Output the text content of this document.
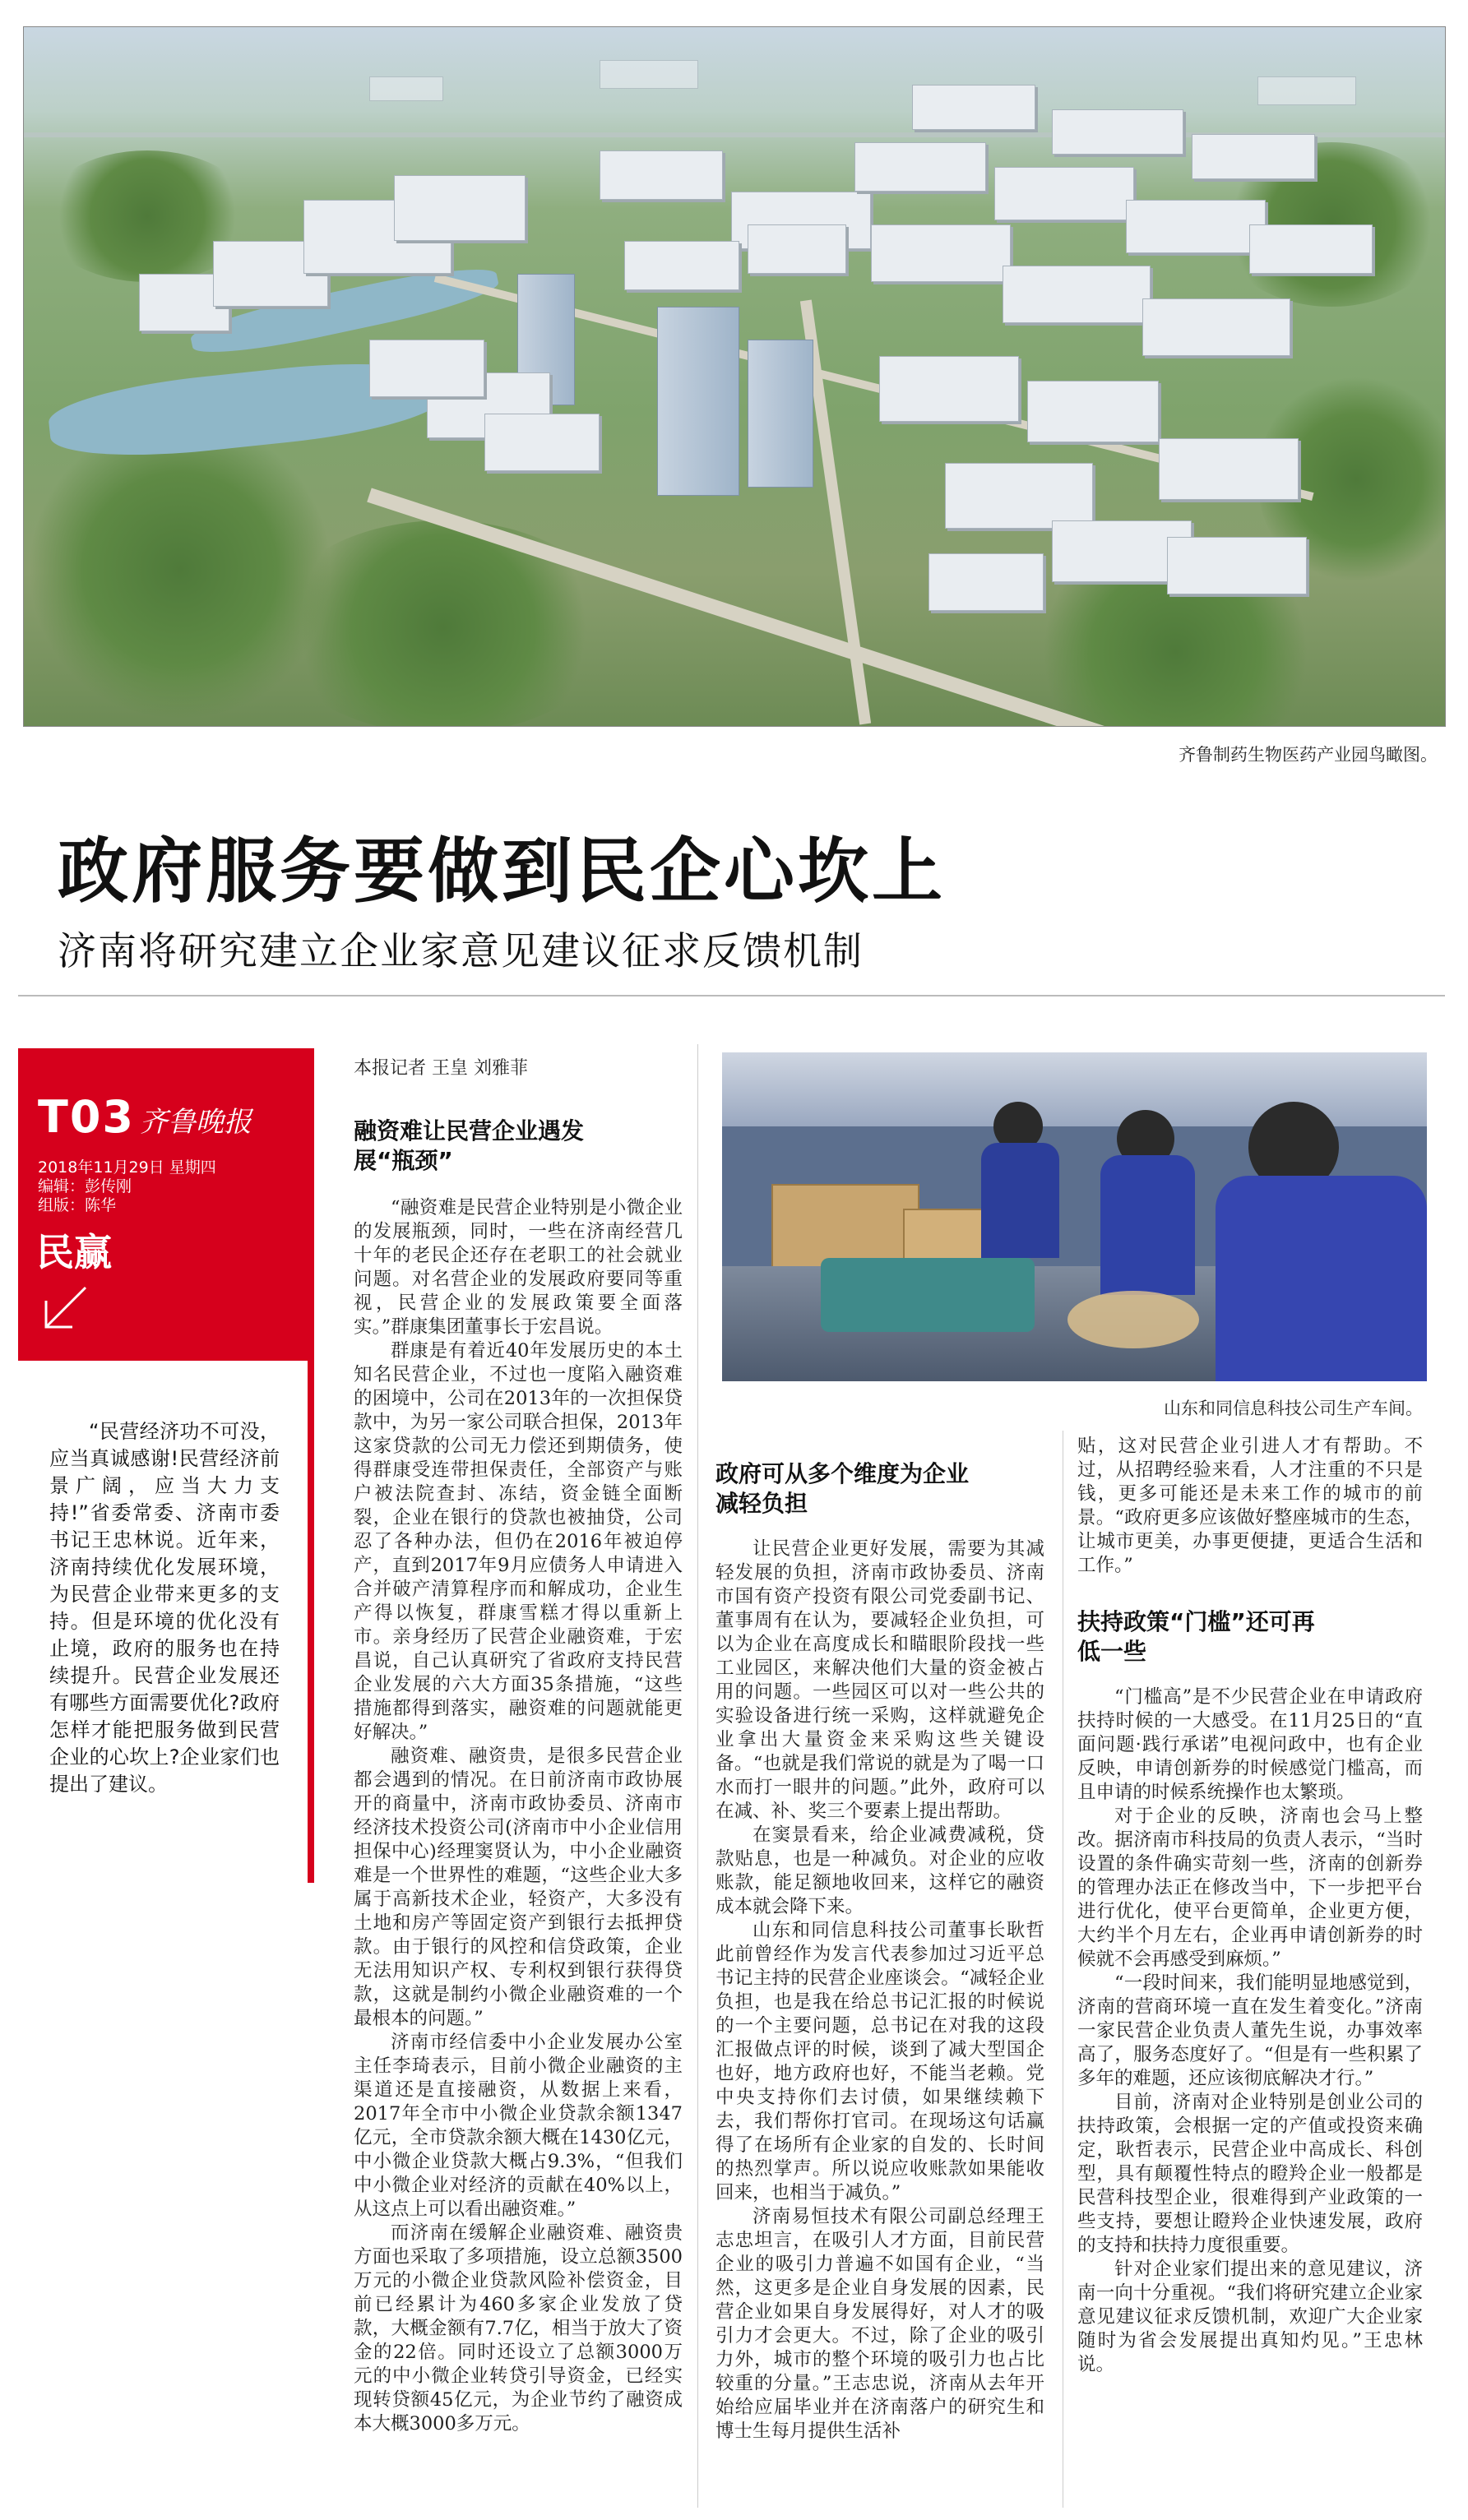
齐鲁制药生物医药产业园鸟瞰图。
政府服务要做到民企心坎上
济南将研究建立企业家意见建议征求反馈机制
T03 齐鲁晚报
2018年11月29日 星期四
编辑：彭传刚
组版：陈华
民赢
“民营经济功不可没，应当真诚感谢!民营经济前景广阔，应当大力支持!”省委常委、济南市委书记王忠林说。近年来，济南持续优化发展环境，为民营企业带来更多的支持。但是环境的优化没有止境，政府的服务也在持续提升。民营企业发展还有哪些方面需要优化?政府怎样才能把服务做到民营企业的心坎上?企业家们也提出了建议。
本报记者 王皇 刘雅菲
融资难让民营企业遇发展“瓶颈”

“融资难是民营企业特别是小微企业的发展瓶颈，同时，一些在济南经营几十年的老民企还存在老职工的社会就业问题。对名营企业的发展政府要同等重视，民营企业的发展政策要全面落实。”群康集团董事长于宏昌说。

群康是有着近40年发展历史的本土知名民营企业，不过也一度陷入融资难的困境中，公司在2013年的一次担保贷款中，为另一家公司联合担保，2013年这家贷款的公司无力偿还到期债务，使得群康受连带担保责任，全部资产与账户被法院查封、冻结，资金链全面断裂，企业在银行的贷款也被抽贷，公司忍了各种办法，但仍在2016年被迫停产，直到2017年9月应债务人申请进入合并破产清算程序而和解成功，企业生产得以恢复，群康雪糕才得以重新上市。亲身经历了民营企业融资难，于宏昌说，自己认真研究了省政府支持民营企业发展的六大方面35条措施，“这些措施都得到落实，融资难的问题就能更好解决。”

融资难、融资贵，是很多民营企业都会遇到的情况。在日前济南市政协展开的商量中，济南市政协委员、济南市经济技术投资公司(济南市中小企业信用担保中心)经理窦贤认为，中小企业融资难是一个世界性的难题，“这些企业大多属于高新技术企业，轻资产，大多没有土地和房产等固定资产到银行去抵押贷款。由于银行的风控和信贷政策，企业无法用知识产权、专利权到银行获得贷款，这就是制约小微企业融资难的一个最根本的问题。”

济南市经信委中小企业发展办公室主任李琦表示，目前小微企业融资的主渠道还是直接融资，从数据上来看，2017年全市中小微企业贷款余额1347亿元，全市贷款余额大概在1430亿元，中小微企业贷款大概占9.3%，“但我们中小微企业对经济的贡献在40%以上，从这点上可以看出融资难。”

而济南在缓解企业融资难、融资贵方面也采取了多项措施，设立总额3500万元的小微企业贷款风险补偿资金，目前已经累计为460多家企业发放了贷款，大概金额有7.7亿，相当于放大了资金的22倍。同时还设立了总额3000万元的中小微企业转贷引导资金，已经实现转贷额45亿元，为企业节约了融资成本大概3000多万元。

山东和同信息科技公司生产车间。
政府可从多个维度为企业减轻负担

让民营企业更好发展，需要为其减轻发展的负担，济南市政协委员、济南市国有资产投资有限公司党委副书记、董事周有在认为，要减轻企业负担，可以为企业在高度成长和瞄眼阶段找一些工业园区，来解决他们大量的资金被占用的问题。一些园区可以对一些公共的实验设备进行统一采购，这样就避免企业拿出大量资金来采购这些关键设备。“也就是我们常说的就是为了喝一口水而打一眼井的问题。”此外，政府可以在减、补、奖三个要素上提出帮助。

在窦景看来，给企业减费减税，贷款贴息，也是一种减负。对企业的应收账款，能足额地收回来，这样它的融资成本就会降下来。

山东和同信息科技公司董事长耿哲此前曾经作为发言代表参加过习近平总书记主持的民营企业座谈会。“减轻企业负担，也是我在给总书记汇报的时候说的一个主要问题，总书记在对我的这段汇报做点评的时候，谈到了减大型国企也好，地方政府也好，不能当老赖。党中央支持你们去讨债，如果继续赖下去，我们帮你打官司。在现场这句话赢得了在场所有企业家的自发的、长时间的热烈掌声。所以说应收账款如果能收回来，也相当于减负。”

济南易恒技术有限公司副总经理王志忠坦言，在吸引人才方面，目前民营企业的吸引力普遍不如国有企业，“当然，这更多是企业自身发展的因素，民营企业如果自身发展得好，对人才的吸引力才会更大。不过，除了企业的吸引力外，城市的整个环境的吸引力也占比较重的分量。”王志忠说，济南从去年开始给应届毕业并在济南落户的研究生和博士生每月提供生活补

贴，这对民营企业引进人才有帮助。不过，从招聘经验来看，人才注重的不只是钱，更多可能还是未来工作的城市的前景。“政府更多应该做好整座城市的生态，让城市更美，办事更便捷，更适合生活和工作。”
扶持政策“门槛”还可再低一些

“门槛高”是不少民营企业在申请政府扶持时候的一大感受。在11月25日的“直面问题·践行承诺”电视问政中，也有企业反映，申请创新券的时候感觉门槛高，而且申请的时候系统操作也太繁琐。

对于企业的反映，济南也会马上整改。据济南市科技局的负责人表示，“当时设置的条件确实苛刻一些，济南的创新券的管理办法正在修改当中，下一步把平台进行优化，使平台更简单，企业更方便，大约半个月左右，企业再申请创新券的时候就不会再感受到麻烦。”

“一段时间来，我们能明显地感觉到，济南的营商环境一直在发生着变化。”济南一家民营企业负责人董先生说，办事效率高了，服务态度好了。“但是有一些积累了多年的难题，还应该彻底解决才行。”

目前，济南对企业特别是创业公司的扶持政策，会根据一定的产值或投资来确定，耿哲表示，民营企业中高成长、科创型，具有颠覆性特点的瞪羚企业一般都是民营科技型企业，很难得到产业政策的一些支持，要想让瞪羚企业快速发展，政府的支持和扶持力度很重要。

针对企业家们提出来的意见建议，济南一向十分重视。“我们将研究建立企业家意见建议征求反馈机制，欢迎广大企业家随时为省会发展提出真知灼见。”王忠林说。
